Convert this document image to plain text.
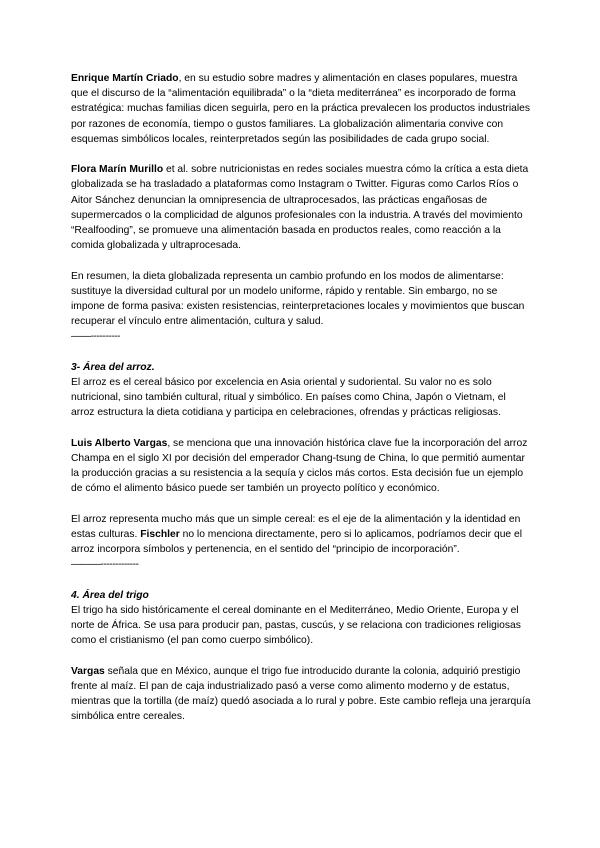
Enrique Martín Criado, en su estudio sobre madres y alimentación en clases populares, muestra que el discurso de la “alimentación equilibrada” o la “dieta mediterránea” es incorporado de forma estratégica: muchas familias dicen seguirla, pero en la práctica prevalecen los productos industriales por razones de economía, tiempo o gustos familiares. La globalización alimentaria convive con esquemas simbólicos locales, reinterpretados según las posibilidades de cada grupo social.

Flora Marín Murillo et al. sobre nutricionistas en redes sociales muestra cómo la crítica a esta dieta globalizada se ha trasladado a plataformas como Instagram o Twitter. Figuras como Carlos Ríos o Aitor Sánchez denuncian la omnipresencia de ultraprocesados, las prácticas engañosas de supermercados o la complicidad de algunos profesionales con la industria. A través del movimiento “Realfooding”, se promueve una alimentación basada en productos reales, como reacción a la comida globalizada y ultraprocesada.

En resumen, la dieta globalizada representa un cambio profundo en los modos de alimentarse: sustituye la diversidad cultural por un modelo uniforme, rápido y rentable. Sin embargo, no se impone de forma pasiva: existen resistencias, reinterpretaciones locales y movimientos que buscan recuperar el vínculo entre alimentación, cultura y salud.

——----------
3- Área del arroz.

El arroz es el cereal básico por excelencia en Asia oriental y sudoriental. Su valor no es solo nutricional, sino también cultural, ritual y simbólico. En países como China, Japón o Vietnam, el arroz estructura la dieta cotidiana y participa en celebraciones, ofrendas y prácticas religiosas.

Luis Alberto Vargas, se menciona que una innovación histórica clave fue la incorporación del arroz Champa en el siglo XI por decisión del emperador Chang-tsung de China, lo que permitió aumentar la producción gracias a su resistencia a la sequía y ciclos más cortos. Esta decisión fue un ejemplo de cómo el alimento básico puede ser también un proyecto político y económico.

El arroz representa mucho más que un simple cereal: es el eje de la alimentación y la identidad en estas culturas. Fischler no lo menciona directamente, pero si lo aplicamos, podríamos decir que el arroz incorpora símbolos y pertenencia, en el sentido del “principio de incorporación”.

———-------------
4. Área del trigo

El trigo ha sido históricamente el cereal dominante en el Mediterráneo, Medio Oriente, Europa y el norte de África. Se usa para producir pan, pastas, cuscús, y se relaciona con tradiciones religiosas como el cristianismo (el pan como cuerpo simbólico).

Vargas señala que en México, aunque el trigo fue introducido durante la colonia, adquirió prestigio frente al maíz. El pan de caja industrializado pasó a verse como alimento moderno y de estatus, mientras que la tortilla (de maíz) quedó asociada a lo rural y pobre. Este cambio refleja una jerarquía simbólica entre cereales.
